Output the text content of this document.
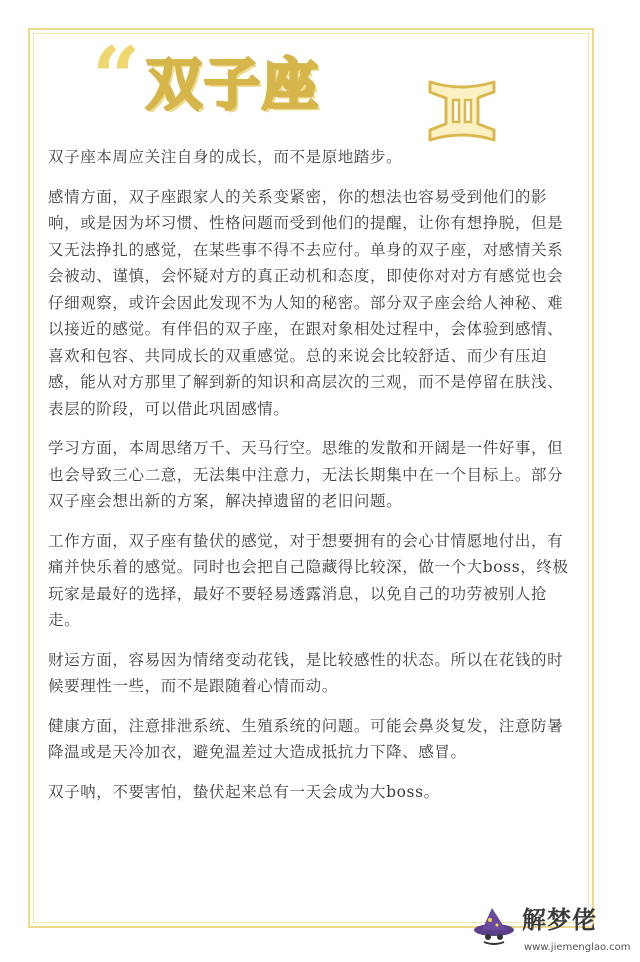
“ 双子座

双子座本周应关注自身的成长，而不是原地踏步。

感情方面，双子座跟家人的关系变紧密，你的想法也容易受到他们的影响，或是因为坏习惯、性格问题而受到他们的提醒，让你有想挣脱，但是又无法挣扎的感觉，在某些事不得不去应付。单身的双子座，对感情关系会被动、谨慎，会怀疑对方的真正动机和态度，即使你对对方有感觉也会仔细观察，或许会因此发现不为人知的秘密。部分双子座会给人神秘、难以接近的感觉。有伴侣的双子座，在跟对象相处过程中，会体验到感情、喜欢和包容、共同成长的双重感觉。总的来说会比较舒适、而少有压迫感，能从对方那里了解到新的知识和高层次的三观，而不是停留在肤浅、表层的阶段，可以借此巩固感情。

学习方面，本周思绪万千、天马行空。思维的发散和开阔是一件好事，但也会导致三心二意，无法集中注意力，无法长期集中在一个目标上。部分双子座会想出新的方案，解决掉遗留的老旧问题。

工作方面，双子座有蛰伏的感觉，对于想要拥有的会心甘情愿地付出，有痛并快乐着的感觉。同时也会把自己隐藏得比较深，做一个大boss，终极玩家是最好的选择，最好不要轻易透露消息，以免自己的功劳被别人抢走。

财运方面，容易因为情绪变动花钱，是比较感性的状态。所以在花钱的时候要理性一些，而不是跟随着心情而动。

健康方面，注意排泄系统、生殖系统的问题。可能会鼻炎复发，注意防暑降温或是天冷加衣，避免温差过大造成抵抗力下降、感冒。

双子呐，不要害怕，蛰伏起来总有一天会成为大boss。

解梦佬
www.jiemenglao.com
